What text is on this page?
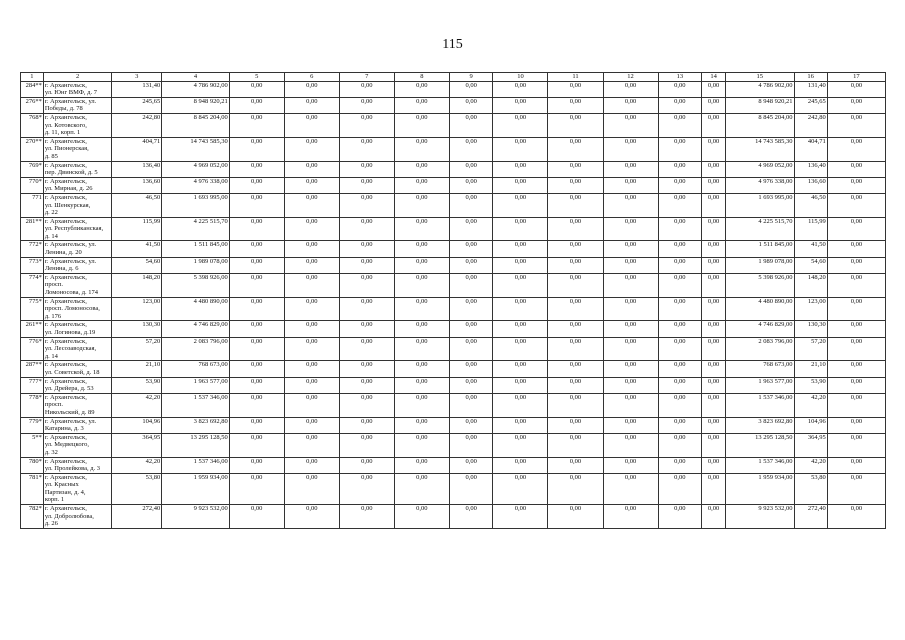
115
1	2	3	4	5	6	7	8	9	10	11	12	13	14	15	16	17
284**	г. Архангельск,
ул. Юнг ВМФ, д. 7	131,40	4 786 902,00	0,00	0,00	0,00	0,00	0,00	0,00	0,00	0,00	0,00	0,00	4 786 902,00	131,40	0,00
276**	г. Архангельск, ул.
Победы, д. 78	245,65	8 948 920,21	0,00	0,00	0,00	0,00	0,00	0,00	0,00	0,00	0,00	0,00	8 948 920,21	245,65	0,00
768*	г. Архангельск,
ул. Котовского,
д. 11, корп. 1	242,80	8 845 204,00	0,00	0,00	0,00	0,00	0,00	0,00	0,00	0,00	0,00	0,00	8 845 204,00	242,80	0,00
270**	г. Архангельск,
ул. Пионерская,
д. 85	404,71	14 743 585,30	0,00	0,00	0,00	0,00	0,00	0,00	0,00	0,00	0,00	0,00	14 743 585,30	404,71	0,00
769*	г. Архангельск,
пер. Двинской, д. 5	136,40	4 969 052,00	0,00	0,00	0,00	0,00	0,00	0,00	0,00	0,00	0,00	0,00	4 969 052,00	136,40	0,00
770*	г. Архангельск,
ул. Мирная, д. 26	136,60	4 976 338,00	0,00	0,00	0,00	0,00	0,00	0,00	0,00	0,00	0,00	0,00	4 976 338,00	136,60	0,00
771	г. Архангельск,
ул. Шенкурская,
д. 22	46,50	1 693 995,00	0,00	0,00	0,00	0,00	0,00	0,00	0,00	0,00	0,00	0,00	1 693 995,00	46,50	0,00
281**	г. Архангельск,
ул. Республиканская,
д. 14	115,99	4 225 515,70	0,00	0,00	0,00	0,00	0,00	0,00	0,00	0,00	0,00	0,00	4 225 515,70	115,99	0,00
772*	г. Архангельск, ул.
Ленина, д. 20	41,50	1 511 845,00	0,00	0,00	0,00	0,00	0,00	0,00	0,00	0,00	0,00	0,00	1 511 845,00	41,50	0,00
773*	г. Архангельск, ул.
Ленина, д. 6	54,60	1 989 078,00	0,00	0,00	0,00	0,00	0,00	0,00	0,00	0,00	0,00	0,00	1 989 078,00	54,60	0,00
774*	г. Архангельск,
просп.
Ломоносова, д. 174	148,20	5 398 926,00	0,00	0,00	0,00	0,00	0,00	0,00	0,00	0,00	0,00	0,00	5 398 926,00	148,20	0,00
775*	г. Архангельск,
просп. Ломоносова,
д. 176	123,00	4 480 890,00	0,00	0,00	0,00	0,00	0,00	0,00	0,00	0,00	0,00	0,00	4 480 890,00	123,00	0,00
261**	г. Архангельск,
ул. Логинова, д.19	130,30	4 746 829,00	0,00	0,00	0,00	0,00	0,00	0,00	0,00	0,00	0,00	0,00	4 746 829,00	130,30	0,00
776*	г. Архангельск,
ул. Лесозаводская,
д. 14	57,20	2 083 796,00	0,00	0,00	0,00	0,00	0,00	0,00	0,00	0,00	0,00	0,00	2 083 796,00	57,20	0,00
287**	г. Архангельск,
ул. Советской, д. 18	21,10	768 673,00	0,00	0,00	0,00	0,00	0,00	0,00	0,00	0,00	0,00	0,00	768 673,00	21,10	0,00
777*	г. Архангельск,
ул. Дрейера, д. 53	53,90	1 963 577,00	0,00	0,00	0,00	0,00	0,00	0,00	0,00	0,00	0,00	0,00	1 963 577,00	53,90	0,00
778*	г. Архангельск,
просп.
Никольский, д. 89	42,20	1 537 346,00	0,00	0,00	0,00	0,00	0,00	0,00	0,00	0,00	0,00	0,00	1 537 346,00	42,20	0,00
779*	г. Архангельск, ул.
Катарина, д. 3	104,96	3 823 692,80	0,00	0,00	0,00	0,00	0,00	0,00	0,00	0,00	0,00	0,00	3 823 692,80	104,96	0,00
5**	г. Архангельск,
ул. Медвецкого,
д. 32	364,95	13 295 128,50	0,00	0,00	0,00	0,00	0,00	0,00	0,00	0,00	0,00	0,00	13 295 128,50	364,95	0,00
780*	г. Архангельск,
ул. Пролейкова, д. 3	42,20	1 537 346,00	0,00	0,00	0,00	0,00	0,00	0,00	0,00	0,00	0,00	0,00	1 537 346,00	42,20	0,00
781*	г. Архангельск,
ул. Красных
Партизан, д. 4,
корп. 1	53,80	1 959 934,00	0,00	0,00	0,00	0,00	0,00	0,00	0,00	0,00	0,00	0,00	1 959 934,00	53,80	0,00
782*	г. Архангельск,
ул. Добролюбова,
д. 26	272,40	9 923 532,00	0,00	0,00	0,00	0,00	0,00	0,00	0,00	0,00	0,00	0,00	9 923 532,00	272,40	0,00
